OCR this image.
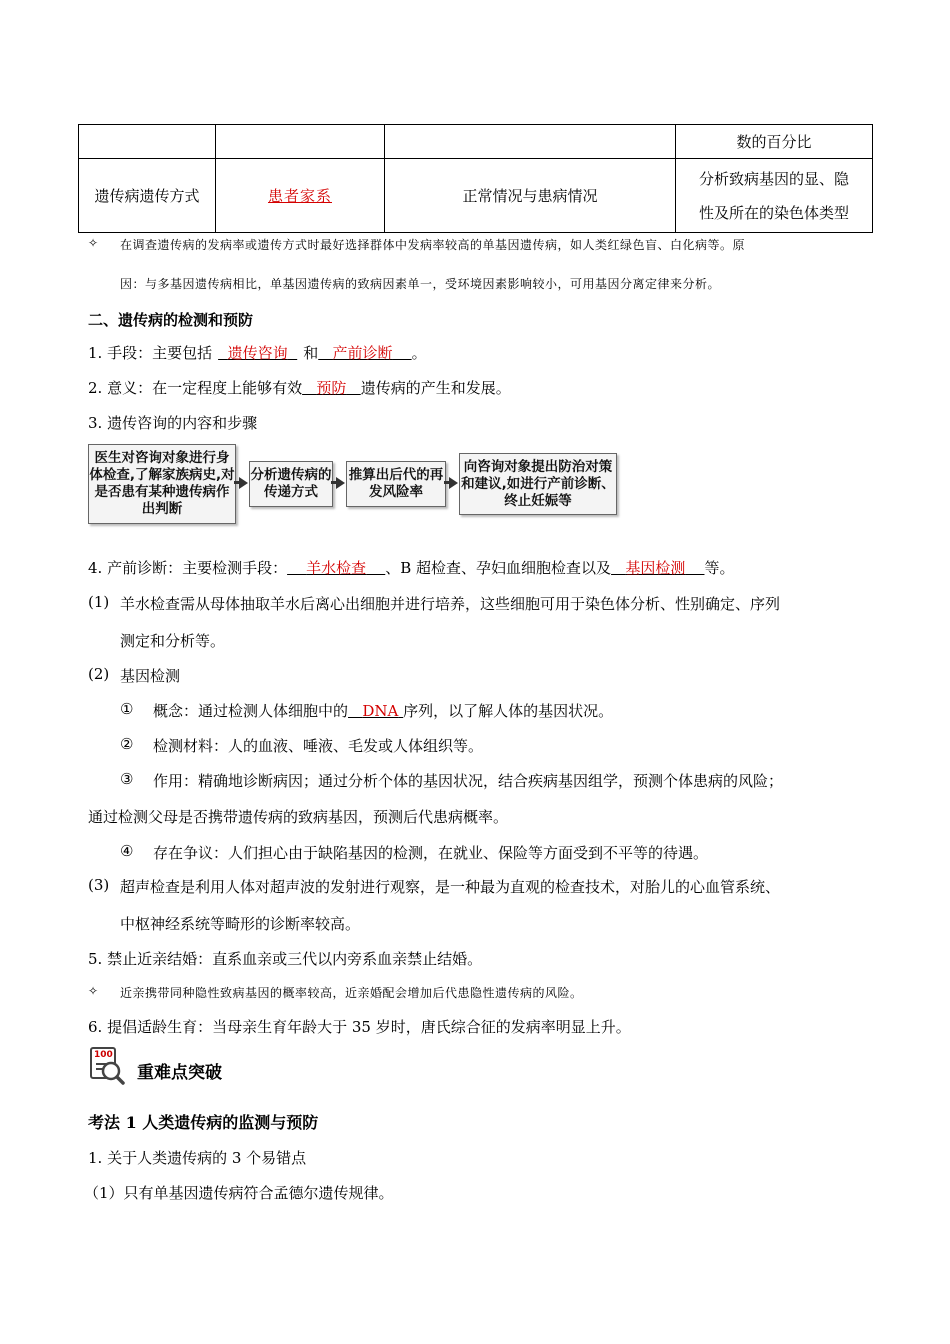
			数的百分比
遗传病遗传方式	患者家系	正常情况与患病情况	分析致病基因的显、隐
性及所在的染色体类型
✧ 在调查遗传病的发病率或遗传方式时最好选择群体中发病率较高的单基因遗传病，如人类红绿色盲、白化病等。原
因：与多基因遗传病相比，单基因遗传病的致病因素单一，受环境因素影响较小，可用基因分离定律来分析。
二、遗传病的检测和预防
1. 手段：主要包括 遗传咨询 和 产前诊断 。
2. 意义：在一定程度上能够有效 预防 遗传病的产生和发展。
3. 遗传咨询的内容和步骤
医生对咨询对象进行身体检查,了解家族病史,对是否患有某种遗传病作出判断
分析遗传病的传递方式
推算出后代的再发风险率
向咨询对象提出防治对策和建议,如进行产前诊断、终止妊娠等
4. 产前诊断：主要检测手段： 羊水检查 、B 超检查、孕妇血细胞检查以及 基因检测 等。
(1) 羊水检查需从母体抽取羊水后离心出细胞并进行培养，这些细胞可用于染色体分析、性别确定、序列
测定和分析等。
(2) 基因检测
① 概念：通过检测人体细胞中的 DNA 序列，以了解人体的基因状况。
② 检测材料：人的血液、唾液、毛发或人体组织等。
③ 作用：精确地诊断病因；通过分析个体的基因状况，结合疾病基因组学，预测个体患病的风险；
通过检测父母是否携带遗传病的致病基因，预测后代患病概率。
④ 存在争议：人们担心由于缺陷基因的检测，在就业、保险等方面受到不平等的待遇。
(3) 超声检查是利用人体对超声波的发射进行观察，是一种最为直观的检查技术，对胎儿的心血管系统、
中枢神经系统等畸形的诊断率较高。
5. 禁止近亲结婚：直系血亲或三代以内旁系血亲禁止结婚。
✧ 近亲携带同种隐性致病基因的概率较高，近亲婚配会增加后代患隐性遗传病的风险。
6. 提倡适龄生育：当母亲生育年龄大于 35 岁时，唐氏综合征的发病率明显上升。
100
重难点突破
考法 1 人类遗传病的监测与预防
1. 关于人类遗传病的 3 个易错点
（1）只有单基因遗传病符合孟德尔遗传规律。
